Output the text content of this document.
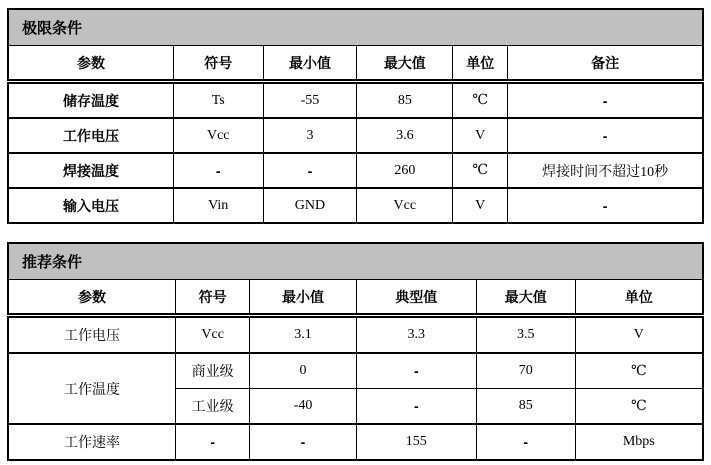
极限条件					
参数	符号	最小值	最大值	单位	备注
储存温度	Ts	-55	85	℃	-
工作电压	Vcc	3	3.6	V	-
焊接温度	-	-	260	℃	焊接时间不超过10秒
输入电压	Vin	GND	Vcc	V	-
推荐条件					
参数	符号	最小值	典型值	最大值	单位
工作电压	Vcc	3.1	3.3	3.5	V
工作温度	商业级	0	-	70	℃
	工业级	-40	-	85	℃
工作速率	-	-	155	-	Mbps
